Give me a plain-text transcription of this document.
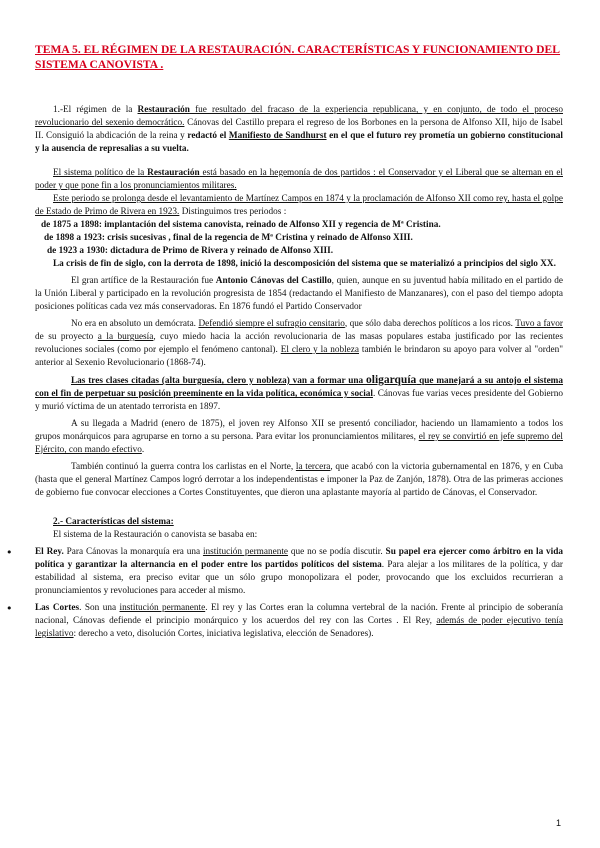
TEMA 5. EL RÉGIMEN DE LA RESTAURACIÓN. CARACTERÍSTICAS Y FUNCIONAMIENTO DEL SISTEMA CANOVISTA .

1.-El régimen de la Restauración fue resultado del fracaso de la experiencia republicana, y en conjunto, de todo el proceso revolucionario del sexenio democrático. Cánovas del Castillo prepara el regreso de los Borbones en la persona de Alfonso XII, hijo de Isabel II. Consiguió la abdicación de la reina y redactó el Manifiesto de Sandhurst en el que el futuro rey prometía un gobierno constitucional y la ausencia de represalias a su vuelta.

El sistema político de la Restauración está basado en la hegemonía de dos partidos : el Conservador y el Liberal que se alternan en el poder y que pone fin a los pronunciamientos militares.

Este periodo se prolonga desde el levantamiento de Martínez Campos en 1874 y la proclamación de Alfonso XII como rey, hasta el golpe de Estado de Primo de Rivera en 1923. Distinguimos tres periodos :

de 1875 a 1898: implantación del sistema canovista, reinado de Alfonso XII y regencia de Mª Cristina.

de 1898 a 1923: crisis sucesivas , final de la regencia de Mª Cristina y reinado de Alfonso XIII.

de 1923 a 1930: dictadura de Primo de Rivera y reinado de Alfonso XIII.

La crisis de fin de siglo, con la derrota de 1898, inició la descomposición del sistema que se materializó a principios del siglo XX.

El gran artífice de la Restauración fue Antonio Cánovas del Castillo, quien, aunque en su juventud había militado en el partido de la Unión Liberal y participado en la revolución progresista de 1854 (redactando el Manifiesto de Manzanares), con el paso del tiempo adopta posiciones políticas cada vez más conservadoras. En 1876 fundó el Partido Conservador

No era en absoluto un demócrata. Defendió siempre el sufragio censitario, que sólo daba derechos políticos a los ricos. Tuvo a favor de su proyecto a la burguesía, cuyo miedo hacia la acción revolucionaria de las masas populares estaba justificado por las recientes revoluciones sociales (como por ejemplo el fenómeno cantonal). El clero y la nobleza también le brindaron su apoyo para volver al "orden" anterior al Sexenio Revolucionario (1868-74).

Las tres clases citadas (alta burguesía, clero y nobleza) van a formar una oligarquía que manejará a su antojo el sistema con el fin de perpetuar su posición preeminente en la vida política, económica y social. Cánovas fue varias veces presidente del Gobierno y murió víctima de un atentado terrorista en 1897.

A su llegada a Madrid (enero de 1875), el joven rey Alfonso XII se presentó conciliador, haciendo un llamamiento a todos los grupos monárquicos para agruparse en torno a su persona. Para evitar los pronunciamientos militares, el rey se convirtió en jefe supremo del Ejército, con mando efectivo.

También continuó la guerra contra los carlistas en el Norte, la tercera, que acabó con la victoria gubernamental en 1876, y en Cuba (hasta que el general Martínez Campos logró derrotar a los independentistas e imponer la Paz de Zanjón, 1878). Otra de las primeras acciones de gobierno fue convocar elecciones a Cortes Constituyentes, que dieron una aplastante mayoría al partido de Cánovas, el Conservador.

2.- Características del sistema:

El sistema de la Restauración o canovista se basaba en:

• El Rey. Para Cánovas la monarquía era una institución permanente que no se podía discutir. Su papel era ejercer como árbitro en la vida política y garantizar la alternancia en el poder entre los partidos políticos del sistema. Para alejar a los militares de la política, y dar estabilidad al sistema, era preciso evitar que un sólo grupo monopolizara el poder, provocando que los excluidos recurrieran a pronunciamientos y revoluciones para acceder al mismo.

• Las Cortes. Son una institución permanente. El rey y las Cortes eran la columna vertebral de la nación. Frente al principio de soberanía nacional, Cánovas defiende el principio monárquico y los acuerdos del rey con las Cortes . El Rey, además de poder ejecutivo tenía legislativo: derecho a veto, disolución Cortes, iniciativa legislativa, elección de Senadores).

1
